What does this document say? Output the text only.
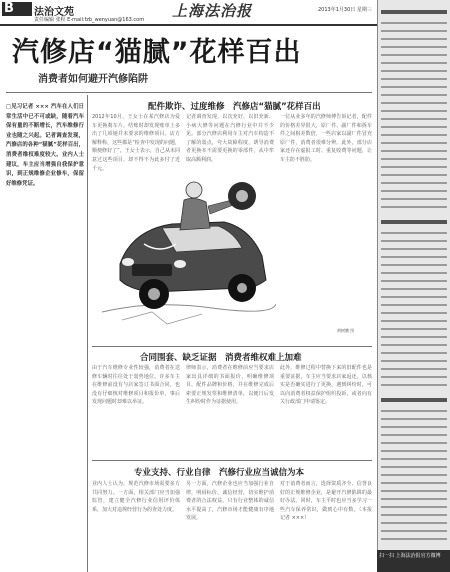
B 法治文苑
责任编辑 张程 E-mail:fzb_wenyuan@163.com 上海法治报	2013年1月30日 星期三
扫一扫 上海法治报官方微博
汽修店“猫腻”花样百出
消费者如何避开汽修陷阱
□见习记者 ××× 汽车在人们日常生活中已不可或缺，随着汽车保有量的不断增长，汽车维修行业也随之兴起。记者调查发现，汽修店的各种“猫腻”花样百出，消费者维权难度较大。业内人士建议，车主应当增强自我保护意识，到正规维修企业修车，保留好维修凭证。
配件欺诈、过度维修　汽修店“猫腻”花样百出
2012年10月，王女士在某汽修店为爱车更换刹车片，结账时却发现账单上多出了几项她并未要求的维修项目。店方解释称，这些都是“检查中发现的问题，顺便修好了”。王女士表示，自己从未同意过这些项目，却不得不为此多付了近千元。
记者调查发现，以次充好、以旧充新、小病大修等问题在汽修行业中并不少见。部分汽修店利用车主对汽车构造不了解的弱点，夸大故障程度，诱导消费者更换本不需要更换的零部件，从中牟取高额利润。
一位从业多年的汽修师傅告诉记者，配件的价格差异很大，原厂件、副厂件和拆车件之间相差数倍，一些店家以副厂件冒充原厂件，消费者很难分辨。此外，部分店家还存在虚报工时、重复收费等问题，让车主防不胜防。
黄树鹏 图
合同围套、缺乏证据　消费者维权难上加难
由于汽车维修专业性较强，消费者在送修车辆时往往处于弱势地位。许多车主在维修前没有与店家签订书面合同，也没有仔细核对维修项目和报价单，事后发现问题时却难以举证。
律师表示，消费者在维修前应当要求店家出具详细的书面报价，明确维修项目、配件品牌和价格，并在维修完成后索要正规发票和维修清单，以便日后发生纠纷时作为证据使用。
此外，维修过程中替换下来的旧配件也是重要证据，车主应当要求店家返还，以核实是否确实进行了更换。遇到纠纷时，可以向消费者权益保护组织投诉，或者向有关行政部门申请鉴定。
专业支持、行业自律　汽修行业应当诚信为本
业内人士认为，规范汽修市场需要多方共同努力。一方面，相关部门应当加强监管，建立健全汽修行业信用评价体系，加大对违规经营行为的查处力度。
另一方面，汽修企业也应当加强行业自律，明码标价、诚信经营，切实维护消费者的合法权益。只有行业整体的诚信水平提高了，汽修市场才能健康有序地发展。
对于消费者而言，选择资质齐全、信誉良好的正规维修企业，是避开汽修陷阱的最好办法。同时，车主平时也应当多学习一些汽车保养常识，做到心中有数。（本报记者 ×××）
